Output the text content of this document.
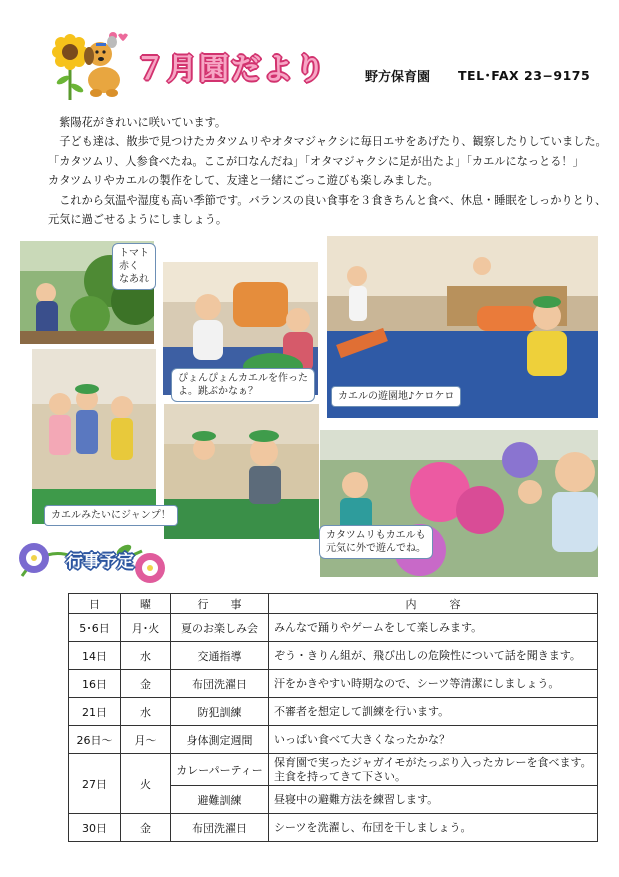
７月園だより	野方保育園 TEL･FAX 23−9175

　紫陽花がきれいに咲いています。

　子ども達は、散歩で見つけたカタツムリやオタマジャクシに毎日エサをあげたり、観察したりしていました。

「カタツムリ、人参食べたね。ここが口なんだね」「オタマジャクシに足が出たよ」「カエルになっとる！」

カタツムリやカエルの製作をして、友達と一緒にごっこ遊びも楽しみました。

　これから気温や湿度も高い季節です。バランスの良い食事を３食きちんと食べ、休息・睡眠をしっかりとり、

元気に過ごせるようにしましょう。

トマト
赤く
なあれ
ぴょんぴょんカエルを作った
よ。跳ぶかなぁ？	カエルの遊園地♪ケロケロ
カエルみたいにジャンプ！
カタツムリもカエルも
元気に外で遊んでね。
行事予定
日	曜	行　　事	内　　　容
5･6日	月･火	夏のお楽しみ会	みんなで踊りやゲームをして楽しみます。
14日	水	交通指導	ぞう・きりん組が、飛び出しの危険性について話を聞きます。
16日	金	布団洗濯日	汗をかきやすい時期なので、シーツ等清潔にしましょう。
21日	水	防犯訓練	不審者を想定して訓練を行います。
26日〜	月〜	身体測定週間	いっぱい食べて大きくなったかな？
27日	火	カレーパーティー	保育園で実ったジャガイモがたっぷり入ったカレーを食べます。主食を持ってきて下さい。
		避難訓練	昼寝中の避難方法を練習します。
30日	金	布団洗濯日	シーツを洗濯し、布団を干しましょう。
